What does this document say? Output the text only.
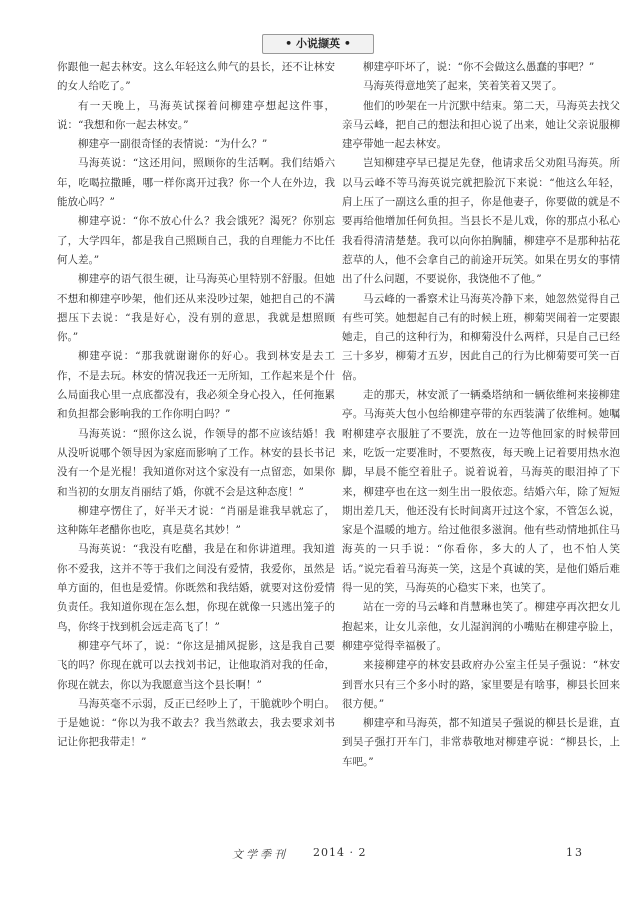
• 小说撷英 •

你跟他一起去林安。这么年轻这么帅气的县长，还不让林安的女人给吃了。”

有一天晚上，马海英试探着问柳建亭想起这件事，说：“我想和你一起去林安。”

柳建亭一副很奇怪的表情说：“为什么？”

马海英说：“这还用问，照顾你的生活啊。我们结婚六年，吃喝拉撒睡，哪一样你离开过我？你一个人在外边，我能放心吗？”

柳建亭说：“你不放心什么？我会饿死？渴死？你别忘了，大学四年，都是我自己照顾自己，我的自理能力不比任何人差。”

柳建亭的语气很生硬，让马海英心里特别不舒服。但她不想和柳建亭吵架，他们还从来没吵过架，她把自己的不满摁压下去说：“我是好心，没有别的意思，我就是想照顾你。”

柳建亭说：“那我就谢谢你的好心。我到林安是去工作，不是去玩。林安的情况我还一无所知，工作起来是个什么局面我心里一点底都没有，我必须全身心投入，任何拖累和负担都会影响我的工作你明白吗？”

马海英说：“照你这么说，作领导的都不应该结婚！我从没听说哪个领导因为家庭而影响了工作。林安的县长书记没有一个是光棍！我知道你对这个家没有一点留恋，如果你和当初的女朋友肖丽结了婚，你就不会是这种态度！”

柳建亭愣住了，好半天才说：“肖丽是谁我早就忘了，这种陈年老醋你也吃，真是莫名其妙！”

马海英说：“我没有吃醋，我是在和你讲道理。我知道你不爱我，这并不等于我们之间没有爱情，我爱你，虽然是单方面的，但也是爱情。你既然和我结婚，就要对这份爱情负责任。我知道你现在怎么想，你现在就像一只逃出笼子的鸟，你终于找到机会远走高飞了！”

柳建亭气坏了，说：“你这是捕风捉影，这是我自己要飞的吗？你现在就可以去找刘书记，让他取消对我的任命，你现在就去，你以为我愿意当这个县长啊！”

马海英毫不示弱，反正已经吵上了，干脆就吵个明白。于是她说：“你以为我不敢去？我当然敢去，我去要求刘书记让你把我带走！”

柳建亭吓坏了，说：“你不会做这么愚蠢的事吧？”

马海英得意地笑了起来，笑着笑着又哭了。

他们的吵架在一片沉默中结束。第二天，马海英去找父亲马云峰，把自己的想法和担心说了出来，她让父亲说服柳建亭带她一起去林安。

岂知柳建亭早已提足先登，他请求岳父劝阻马海英。所以马云峰不等马海英说完就把脸沉下来说：“他这么年轻，肩上压了一副这么重的担子，你是他妻子，你要做的就是不要再给他增加任何负担。当县长不是儿戏，你的那点小私心我看得清清楚楚。我可以向你拍胸脯，柳建亭不是那种拈花惹草的人，他不会拿自己的前途开玩笑。如果在男女的事情出了什么问题，不要说你，我饶他不了他。”

马云峰的一番察术让马海英冷静下来，她忽然觉得自己有些可笑。她想起自己有的时候上班，柳菊哭闹着一定要跟她走，自己的这种行为，和柳菊没什么两样，只是自己已经三十多岁，柳菊才五岁，因此自己的行为比柳菊要可笑一百倍。

走的那天，林安派了一辆桑塔纳和一辆依维柯来接柳建亭。马海英大包小包给柳建亭带的东西装满了依维柯。她嘱咐柳建亭衣服脏了不要洗，放在一边等他回家的时候带回来，吃饭一定要准时，不要熬夜，每天晚上记着要用热水泡脚，早晨不能空着肚子。说着说着，马海英的眼泪掉了下来，柳建亭也在这一刻生出一股依恋。结婚六年，除了短短期出差几天，他还没有长时间离开过这个家，不管怎么说，家是个温暖的地方。给过他很多滋润。他有些动情地抓住马海英的一只手说：“你看你，多大的人了，也不怕人笑话。”说完看着马海英一笑，这是个真诚的笑，是他们婚后难得一见的笑，马海英的心稳实下来，也笑了。

站在一旁的马云峰和肖慧琳也笑了。柳建亭再次把女儿抱起来，让女儿亲他，女儿湿润润的小嘴贴在柳建亭脸上，柳建亭觉得幸福极了。

来接柳建亭的林安县政府办公室主任吴子强说：“林安到晋水只有三个多小时的路，家里要是有啥事，柳县长回来很方便。”

柳建亭和马海英，都不知道吴子强说的柳县长是谁，直到吴子强打开车门，非常恭敬地对柳建亭说：“柳县长，上车吧。”

文学季刊 2014 · 2	13
